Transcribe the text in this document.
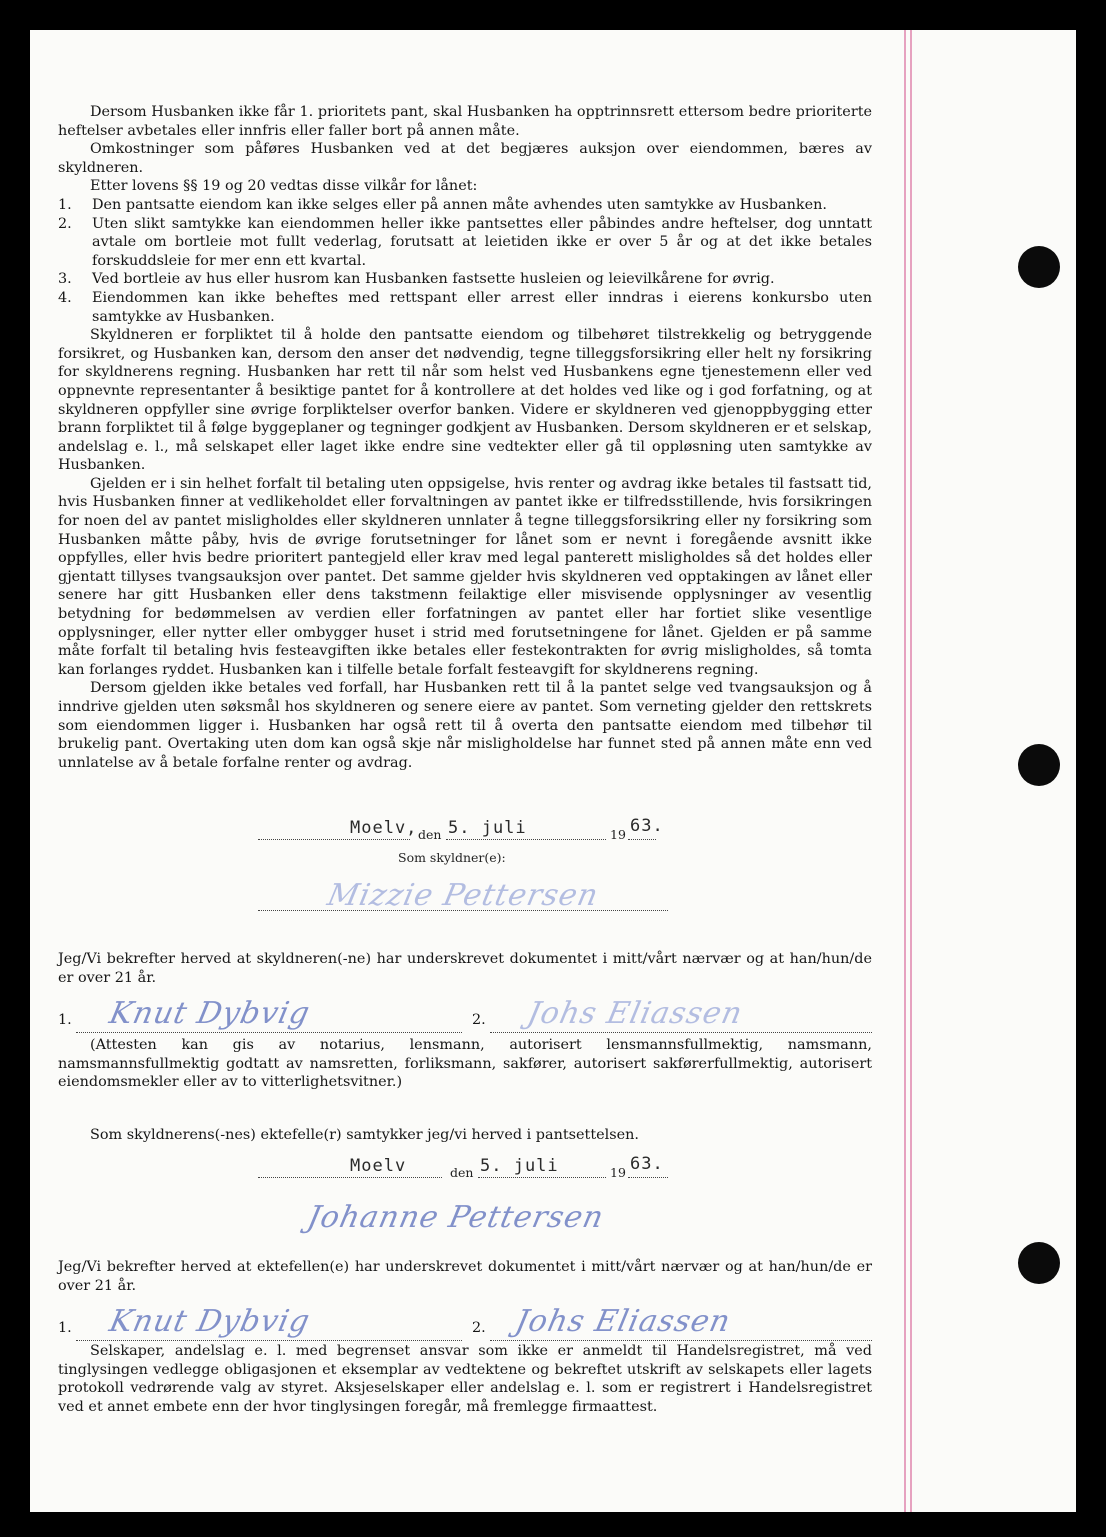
Dersom Husbanken ikke får 1. prioritets pant, skal Husbanken ha opptrinnsrett ettersom bedre prioriterte heftelser avbetales eller innfris eller faller bort på annen måte.

Omkostninger som påføres Husbanken ved at det begjæres auksjon over eiendommen, bæres av skyldneren.

Etter lovens §§ 19 og 20 vedtas disse vilkår for lånet:

1. Den pantsatte eiendom kan ikke selges eller på annen måte avhendes uten samtykke av Husbanken.
2. Uten slikt samtykke kan eiendommen heller ikke pantsettes eller påbindes andre heftelser, dog unntatt avtale om bortleie mot fullt vederlag, forutsatt at leietiden ikke er over 5 år og at det ikke betales forskuddsleie for mer enn ett kvartal.
3. Ved bortleie av hus eller husrom kan Husbanken fastsette husleien og leievilkårene for øvrig.
4. Eiendommen kan ikke beheftes med rettspant eller arrest eller inndras i eierens konkursbo uten samtykke av Husbanken.

Skyldneren er forpliktet til å holde den pantsatte eiendom og tilbehøret tilstrekkelig og betryggende forsikret, og Husbanken kan, dersom den anser det nødvendig, tegne tilleggsforsikring eller helt ny forsikring for skyldnerens regning. Husbanken har rett til når som helst ved Husbankens egne tjenestemenn eller ved oppnevnte representanter å besiktige pantet for å kontrollere at det holdes ved like og i god forfatning, og at skyldneren oppfyller sine øvrige forpliktelser overfor banken. Videre er skyldneren ved gjenoppbygging etter brann forpliktet til å følge byggeplaner og tegninger godkjent av Husbanken. Dersom skyldneren er et selskap, andelslag e. l., må selskapet eller laget ikke endre sine vedtekter eller gå til oppløsning uten samtykke av Husbanken.

Gjelden er i sin helhet forfalt til betaling uten oppsigelse, hvis renter og avdrag ikke betales til fastsatt tid, hvis Husbanken finner at vedlikeholdet eller forvaltningen av pantet ikke er tilfredsstillende, hvis forsikringen for noen del av pantet misligholdes eller skyldneren unnlater å tegne tilleggsforsikring eller ny forsikring som Husbanken måtte påby, hvis de øvrige forutsetninger for lånet som er nevnt i foregående avsnitt ikke oppfylles, eller hvis bedre prioritert pantegjeld eller krav med legal panterett misligholdes så det holdes eller gjentatt tillyses tvangsauksjon over pantet. Det samme gjelder hvis skyldneren ved opptakingen av lånet eller senere har gitt Husbanken eller dens takstmenn feilaktige eller misvisende opplysninger av vesentlig betydning for bedømmelsen av verdien eller forfatningen av pantet eller har fortiet slike vesentlige opplysninger, eller nytter eller ombygger huset i strid med forutsetningene for lånet. Gjelden er på samme måte forfalt til betaling hvis festeavgiften ikke betales eller festekontrakten for øvrig misligholdes, så tomta kan forlanges ryddet. Husbanken kan i tilfelle betale forfalt festeavgift for skyldnerens regning.

Dersom gjelden ikke betales ved forfall, har Husbanken rett til å la pantet selge ved tvangsauksjon og å inndrive gjelden uten søksmål hos skyldneren og senere eiere av pantet. Som verneting gjelder den rettskrets som eiendommen ligger i. Husbanken har også rett til å overta den pantsatte eiendom med tilbehør til brukelig pant. Overtaking uten dom kan også skje når misligholdelse har funnet sted på annen måte enn ved unnlatelse av å betale forfalne renter og avdrag.

Moelv, den 5. juli	19 63.
Som skyldner(e):
Mizzie Pettersen

Jeg/Vi bekrefter herved at skyldneren(-ne) har underskrevet dokumentet i mitt/vårt nærvær og at han/hun/de er over 21 år.

1. Knut Dybvig	2. Johs Eliassen

(Attesten kan gis av notarius, lensmann, autorisert lensmannsfullmektig, namsmann, namsmannsfullmektig godtatt av namsretten, forliksmann, sakfører, autorisert sakførerfullmektig, autorisert eiendomsmekler eller av to vitterlighetsvitner.)

Som skyldnerens(-nes) ektefelle(r) samtykker jeg/vi herved i pantsettelsen.

Moelv	den 5. juli	19 63.
Johanne Pettersen

Jeg/Vi bekrefter herved at ektefellen(e) har underskrevet dokumentet i mitt/vårt nærvær og at han/hun/de er over 21 år.

1. Knut Dybvig	2. Johs Eliassen

Selskaper, andelslag e. l. med begrenset ansvar som ikke er anmeldt til Handelsregistret, må ved tinglysingen vedlegge obligasjonen et eksemplar av vedtektene og bekreftet utskrift av selskapets eller lagets protokoll vedrørende valg av styret. Aksjeselskaper eller andelslag e. l. som er registrert i Handelsregistret ved et annet embete enn der hvor tinglysingen foregår, må fremlegge firmaattest.
